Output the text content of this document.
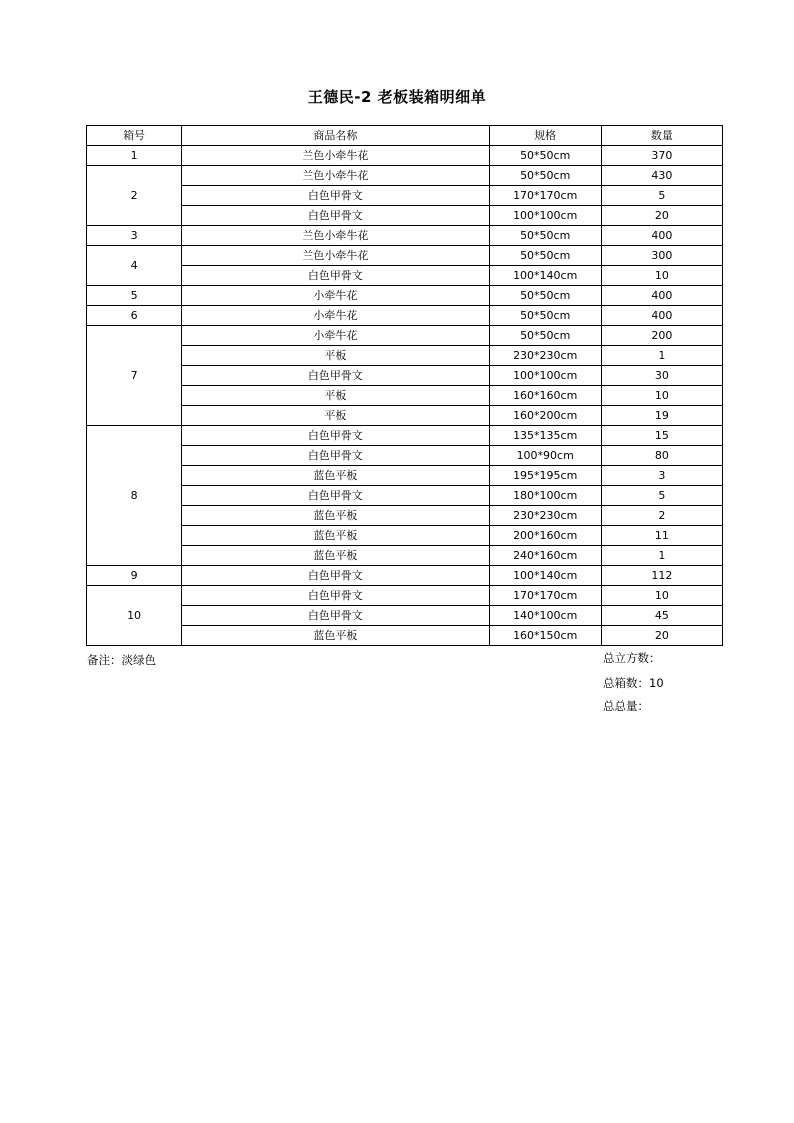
王德民-2 老板装箱明细单
箱号	商品名称	规格	数量
1	兰色小牵牛花	50*50cm	370
2	兰色小牵牛花	50*50cm	430
	白色甲骨文	170*170cm	5
	白色甲骨文	100*100cm	20
3	兰色小牵牛花	50*50cm	400
4	兰色小牵牛花	50*50cm	300
	白色甲骨文	100*140cm	10
5	小牵牛花	50*50cm	400
6	小牵牛花	50*50cm	400
7	小牵牛花	50*50cm	200
	平板	230*230cm	1
	白色甲骨文	100*100cm	30
	平板	160*160cm	10
	平板	160*200cm	19
8	白色甲骨文	135*135cm	15
	白色甲骨文	100*90cm	80
	蓝色平板	195*195cm	3
	白色甲骨文	180*100cm	5
	蓝色平板	230*230cm	2
	蓝色平板	200*160cm	11
	蓝色平板	240*160cm	1
9	白色甲骨文	100*140cm	112
10	白色甲骨文	170*170cm	10
	白色甲骨文	140*100cm	45
	蓝色平板	160*150cm	20
备注：淡绿色	总立方数：
总箱数：10
总总量：
